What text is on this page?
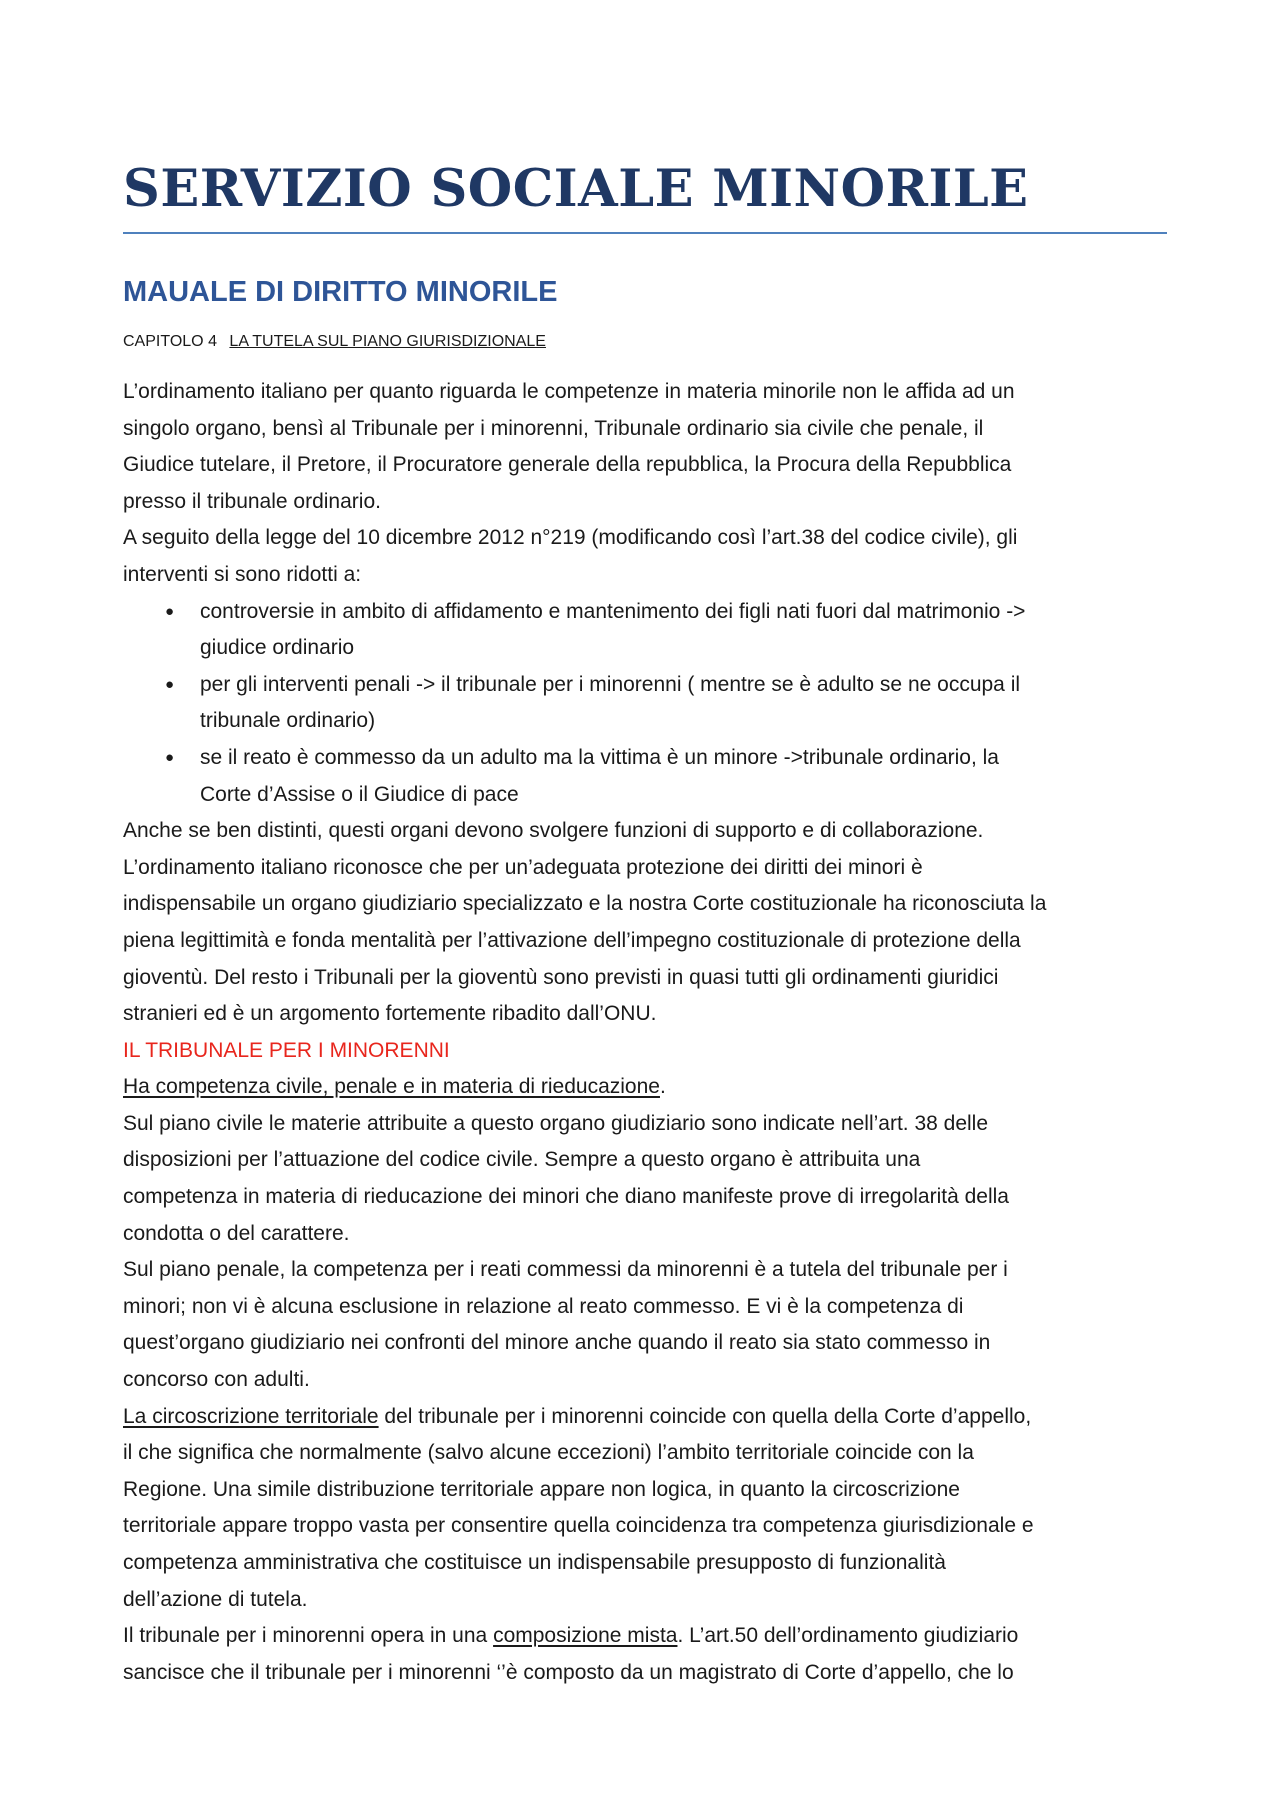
SERVIZIO SOCIALE MINORILE
MAUALE DI DIRITTO MINORILE
CAPITOLO 4 LA TUTELA SUL PIANO GIURISDIZIONALE
L’ordinamento italiano per quanto riguarda le competenze in materia minorile non le affida ad un
singolo organo, bensì al Tribunale per i minorenni, Tribunale ordinario sia civile che penale, il
Giudice tutelare, il Pretore, il Procuratore generale della repubblica, la Procura della Repubblica
presso il tribunale ordinario.
A seguito della legge del 10 dicembre 2012 n°219 (modificando così l’art.38 del codice civile), gli
interventi si sono ridotti a:
● controversie in ambito di affidamento e mantenimento dei figli nati fuori dal matrimonio ->
giudice ordinario
● per gli interventi penali -> il tribunale per i minorenni ( mentre se è adulto se ne occupa il
tribunale ordinario)
● se il reato è commesso da un adulto ma la vittima è un minore ->tribunale ordinario, la
Corte d’Assise o il Giudice di pace
Anche se ben distinti, questi organi devono svolgere funzioni di supporto e di collaborazione.
L’ordinamento italiano riconosce che per un’adeguata protezione dei diritti dei minori è
indispensabile un organo giudiziario specializzato e la nostra Corte costituzionale ha riconosciuta la
piena legittimità e fonda mentalità per l’attivazione dell’impegno costituzionale di protezione della
gioventù. Del resto i Tribunali per la gioventù sono previsti in quasi tutti gli ordinamenti giuridici
stranieri ed è un argomento fortemente ribadito dall’ONU.
IL TRIBUNALE PER I MINORENNI
Ha competenza civile, penale e in materia di rieducazione.
Sul piano civile le materie attribuite a questo organo giudiziario sono indicate nell’art. 38 delle
disposizioni per l’attuazione del codice civile. Sempre a questo organo è attribuita una
competenza in materia di rieducazione dei minori che diano manifeste prove di irregolarità della
condotta o del carattere.
Sul piano penale, la competenza per i reati commessi da minorenni è a tutela del tribunale per i
minori; non vi è alcuna esclusione in relazione al reato commesso. E vi è la competenza di
quest’organo giudiziario nei confronti del minore anche quando il reato sia stato commesso in
concorso con adulti.
La circoscrizione territoriale del tribunale per i minorenni coincide con quella della Corte d’appello,
il che significa che normalmente (salvo alcune eccezioni) l’ambito territoriale coincide con la
Regione. Una simile distribuzione territoriale appare non logica, in quanto la circoscrizione
territoriale appare troppo vasta per consentire quella coincidenza tra competenza giurisdizionale e
competenza amministrativa che costituisce un indispensabile presupposto di funzionalità
dell’azione di tutela.
Il tribunale per i minorenni opera in una composizione mista. L’art.50 dell’ordinamento giudiziario
sancisce che il tribunale per i minorenni ‘’è composto da un magistrato di Corte d’appello, che lo
